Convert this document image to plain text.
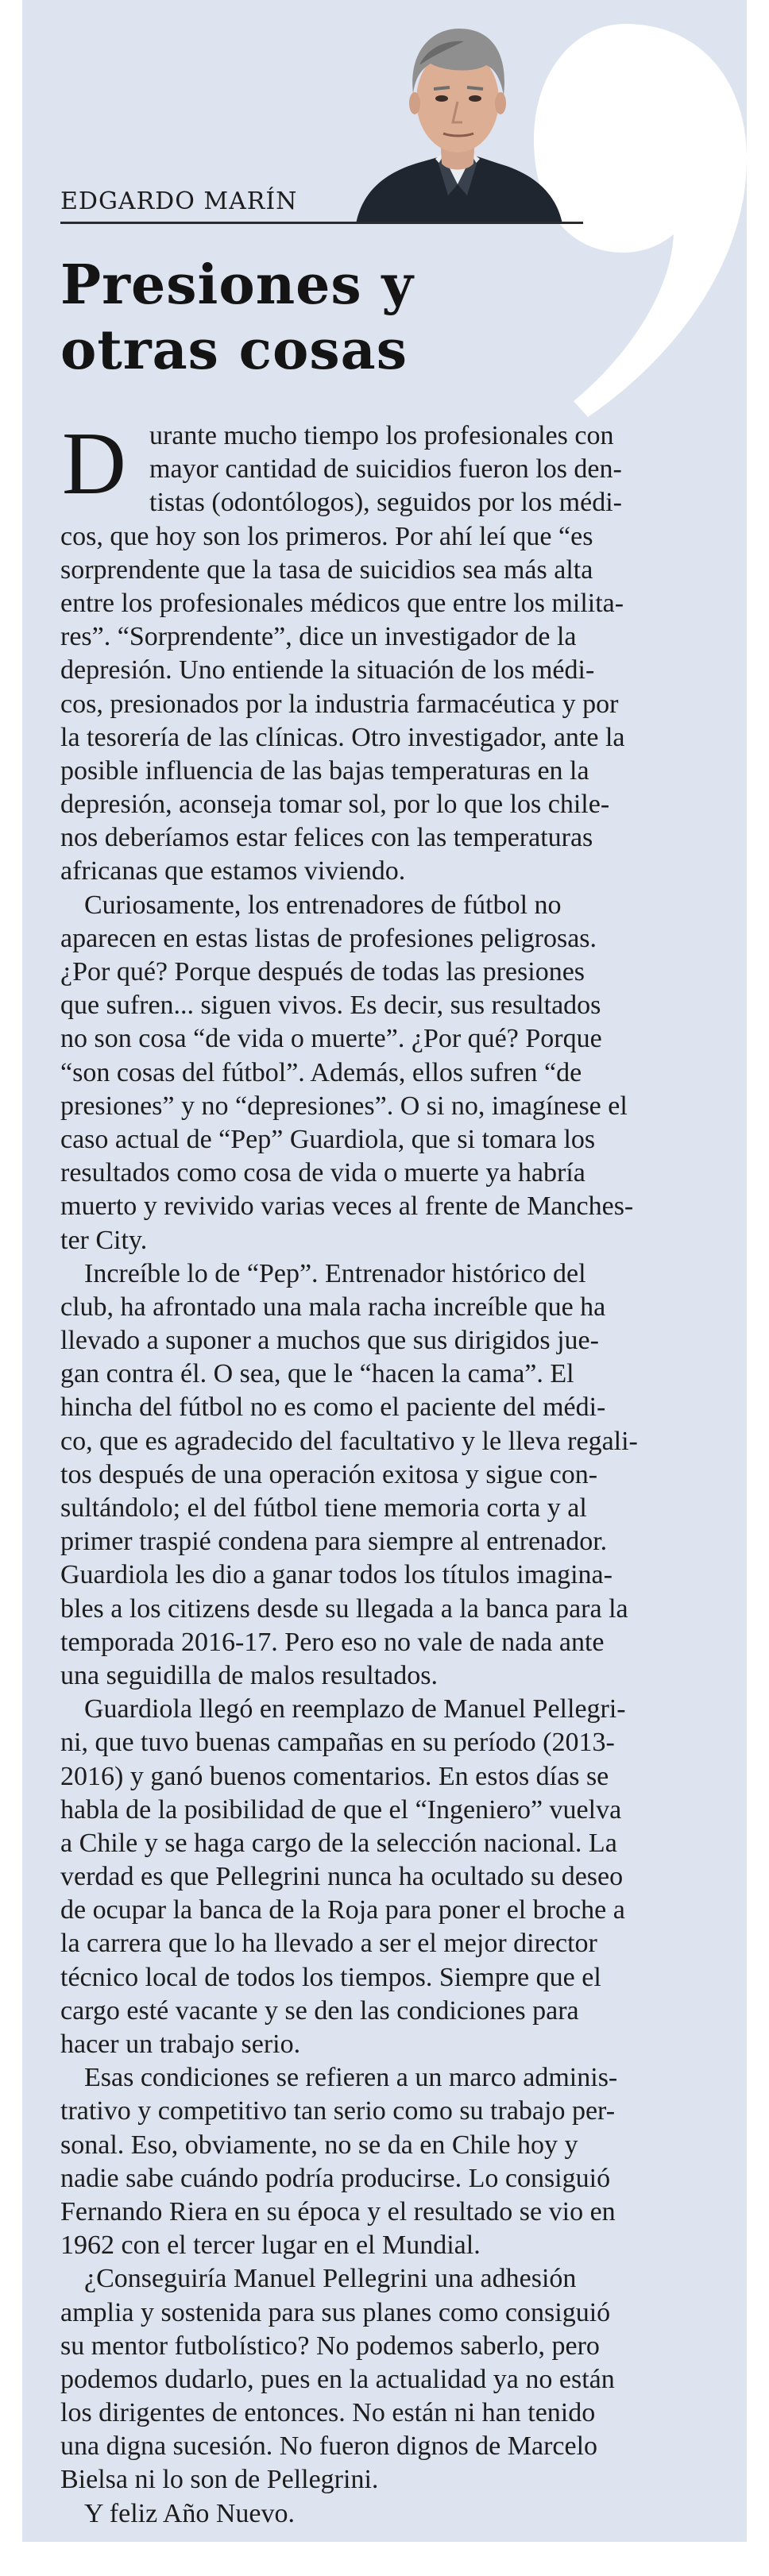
EDGARDO MARÍN
Presiones y
otras cosas
D urante mucho tiempo los profesionales con
mayor cantidad de suicidios fueron los den-
tistas (odontólogos), seguidos por los médi-
cos, que hoy son los primeros. Por ahí leí que “es
sorprendente que la tasa de suicidios sea más alta
entre los profesionales médicos que entre los milita-
res”. “Sorprendente”, dice un investigador de la
depresión. Uno entiende la situación de los médi-
cos, presionados por la industria farmacéutica y por
la tesorería de las clínicas. Otro investigador, ante la
posible influencia de las bajas temperaturas en la
depresión, aconseja tomar sol, por lo que los chile-
nos deberíamos estar felices con las temperaturas
africanas que estamos viviendo.
Curiosamente, los entrenadores de fútbol no
aparecen en estas listas de profesiones peligrosas.
¿Por qué? Porque después de todas las presiones
que sufren... siguen vivos. Es decir, sus resultados
no son cosa “de vida o muerte”. ¿Por qué? Porque
“son cosas del fútbol”. Además, ellos sufren “de
presiones” y no “depresiones”. O si no, imagínese el
caso actual de “Pep” Guardiola, que si tomara los
resultados como cosa de vida o muerte ya habría
muerto y revivido varias veces al frente de Manches-
ter City.
Increíble lo de “Pep”. Entrenador histórico del
club, ha afrontado una mala racha increíble que ha
llevado a suponer a muchos que sus dirigidos jue-
gan contra él. O sea, que le “hacen la cama”. El
hincha del fútbol no es como el paciente del médi-
co, que es agradecido del facultativo y le lleva regali-
tos después de una operación exitosa y sigue con-
sultándolo; el del fútbol tiene memoria corta y al
primer traspié condena para siempre al entrenador.
Guardiola les dio a ganar todos los títulos imagina-
bles a los citizens desde su llegada a la banca para la
temporada 2016-17. Pero eso no vale de nada ante
una seguidilla de malos resultados.
Guardiola llegó en reemplazo de Manuel Pellegri-
ni, que tuvo buenas campañas en su período (2013-
2016) y ganó buenos comentarios. En estos días se
habla de la posibilidad de que el “Ingeniero” vuelva
a Chile y se haga cargo de la selección nacional. La
verdad es que Pellegrini nunca ha ocultado su deseo
de ocupar la banca de la Roja para poner el broche a
la carrera que lo ha llevado a ser el mejor director
técnico local de todos los tiempos. Siempre que el
cargo esté vacante y se den las condiciones para
hacer un trabajo serio.
Esas condiciones se refieren a un marco adminis-
trativo y competitivo tan serio como su trabajo per-
sonal. Eso, obviamente, no se da en Chile hoy y
nadie sabe cuándo podría producirse. Lo consiguió
Fernando Riera en su época y el resultado se vio en
1962 con el tercer lugar en el Mundial.
¿Conseguiría Manuel Pellegrini una adhesión
amplia y sostenida para sus planes como consiguió
su mentor futbolístico? No podemos saberlo, pero
podemos dudarlo, pues en la actualidad ya no están
los dirigentes de entonces. No están ni han tenido
una digna sucesión. No fueron dignos de Marcelo
Bielsa ni lo son de Pellegrini.
Y feliz Año Nuevo.
